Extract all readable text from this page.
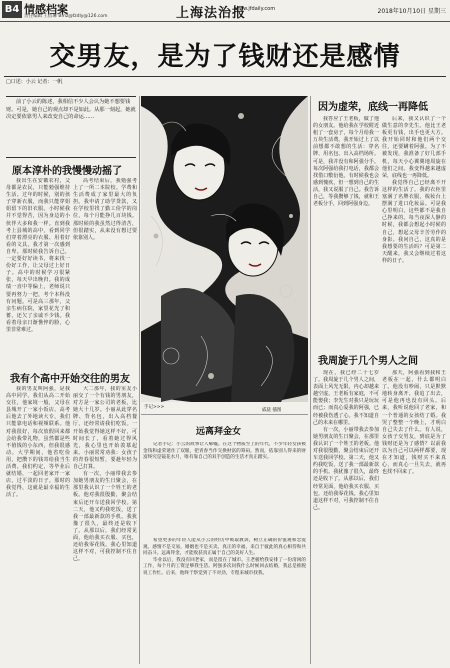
B4 情感档案
责任编辑 王蓓琳 Bmz@fzdly@126.com	上海法治报
www.jfdaily.com	2018年10月10日 星期三
交男友，是为了钱财还是感情
□口述：小云 记者：一帆
前了小云的陈述，我相信不少人会认为她不想要钱财。可是，她自己的观点却不是如此。从那一刻起，她就决定要依靠男人来改变自己的命运……
原本淳朴的我慢慢动摇了

我出生在安徽农村，父母都是农民，只能勉强维持生活。过年的时候，别的孩子穿新衣服，而我只能穿姐姐留下的旧衣服。小时候我并不觉得苦，因为身边的小伙伴大多和我一样。直到我考上县城的高中，看到同学们穿着漂亮的衣服、用着好看的文具，我才第一次感到自卑。那时候我告诉自己，一定要好好读书，将来找一份好工作，让父母过上好日子。高中的时候学习很紧张，每天早出晚归。我的成绩一直中等偏上，老师说只要再努力一把，考个本科没有问题。可是高三那年，父亲生病住院，家里花光了积蓄，还欠了亲戚不少钱。我看着母亲日渐憔悴的脸，心里非常难过。

高考结束后，我勉强考上了一所二本院校。学费和生活费成了家里最大的负担。我申请了助学贷款，又在学校里找了勤工俭学的岗位，每个月能挣几百块钱。那时候的我虽然过得清苦，但很踏实，从来没有想过要依靠别人。

我有个高中开始交往的男友

我的男友叫阿强，是我高中同学。我们从高二开始交往，他家境一般，父母在县城开了一家小饭店。高考后他去了外地读大专，我们只能靠电话和视频联系。他对我很好，每次放假回来都会给我带礼物，虽然都是些不值钱的小东西，但我很感动。大学期间，他省吃俭用，把攒下的钱寄给我当生活费。我们约定，等毕业后就结婚，一起回老家开一家店，过平淡的日子。那时的我觉得，这就是最幸福的生活了。

大二那年，我的室友小丽交了一个有钱的男朋友，对方是一家公司的老板，比她大十几岁。小丽从此穿名牌、背名包，出入高档餐厅，还经常请我们吃饭。一开始我觉得她这样不好，可时间长了，看着她过得风光，我心里也开始羡慕起来。小丽常常劝我：女孩子的青春很短暂，要趁年轻为自己打算。

有一次，小丽带我去参加她男朋友的生日聚会，在那里我认识了一个姓王的老板。他对我很殷勤，聚会结束后还开车送我回学校。第二天，他又约我吃饭，送了我一部最新款的手机。我犹豫了很久，最终还是收下了。从那以后，我们经常见面，他给我买衣服、买包，还给我零花钱。我心里知道这样不对，可我控制不住自己。

戚骁 插图
手记>>>
远离拜金女

记者手记：小云的故事让人唏嘘。在这个物质至上的年代，不少年轻女孩被金钱和虚荣迷住了双眼，把青春当作交换财富的筹码。然而，依靠别人得来的财富终究是镜花水月，唯有靠自己的双手创造的生活才真正踏实。

希望更多的年轻人能从小云的经历中吸取教训，树立正确的价值观和恋爱观。感情不是交易，婚姻也不是买卖。真正的幸福，来自于彼此的真心相待和共同奋斗。远离拜金，才能收获真正属于自己的美好人生。

毕业以后，我没有回老家，而是留在了城市。王老板给我安排了一份清闲的工作，每个月的工资足够我生活。阿强多次问我什么时候回去结婚，我总是推脱说工作忙。后来，他终于察觉到了不对劲，专程来城市找我。

因为虚荣，底线一再降低

我答应了王老板，做了他的女朋友。他给我在学校附近租了一套房子，每个月给我一万块生活费。我开始过上了以前想都不敢想的生活：穿名牌、用名包、出入高档场所。可是，我并没有和阿强分手。每次阿强给我打电话，我都会找借口敷衍他。有时候我也会感到愧疚，但一想到自己的生活，我又说服了自己。我告诉自己，等我攒够了钱，就和王老板分手，回到阿强身边。

后来，我又认识了一个做生意的李先生。他比王老板更有钱，出手也更大方。我开始同时和他们两个交往，还要瞒着阿强。为了不被发现，我准备了好几部手机，每天小心翼翼地周旋在他们之间。我变得越来越虚荣，底线也一再降低。

我觉得自己已经离不开这样的生活了。我的衣柜里塞满了名牌衣服，梳妆台上摆满了进口化妆品。可是我心里明白，这些都不是我自己挣来的。每当夜深人静的时候，我都会想起小时候的自己，想起父母辛苦劳作的身影。我问自己，这真的是我想要的生活吗？可是第二天醒来，我又会继续过着这样的日子。

我周旋于几个男人之间

现在，我已经二十七岁了。我周旋于几个男人之间，表面上风光无限，内心却越来越空虚。王老板有家庭，不可能娶我；李先生对我只是玩玩而已；而真心爱我的阿强，已经被我伤透了心。我不知道自己的未来在哪里。

有一次，小丽带我去参加她男朋友的生日聚会，在那里我认识了一个姓王的老板。他对我很殷勤，聚会结束后还开车送我回学校。第二天，他又约我吃饭，送了我一部最新款的手机。我犹豫了很久，最终还是收下了。从那以后，我们经常见面，他给我买衣服、买包，还给我零花钱。我心里知道这样不对，可我控制不住自己。

那天，阿强看到我和王老板在一起，什么都明白了。他没有吵闹，只是默默地转身离开。我追了出去，可是他再也没有回头。后来，我听说他回了老家，和一个普通的女孩结了婚。我哭了整整一个晚上，才明白自己失去了什么。有人说，女孩子交男友，到底是为了钱财还是为了感情？以前我以为自己可以两样都要，现在才知道，钱财买不来真心，而真心一旦失去，就再也找不回来了。
